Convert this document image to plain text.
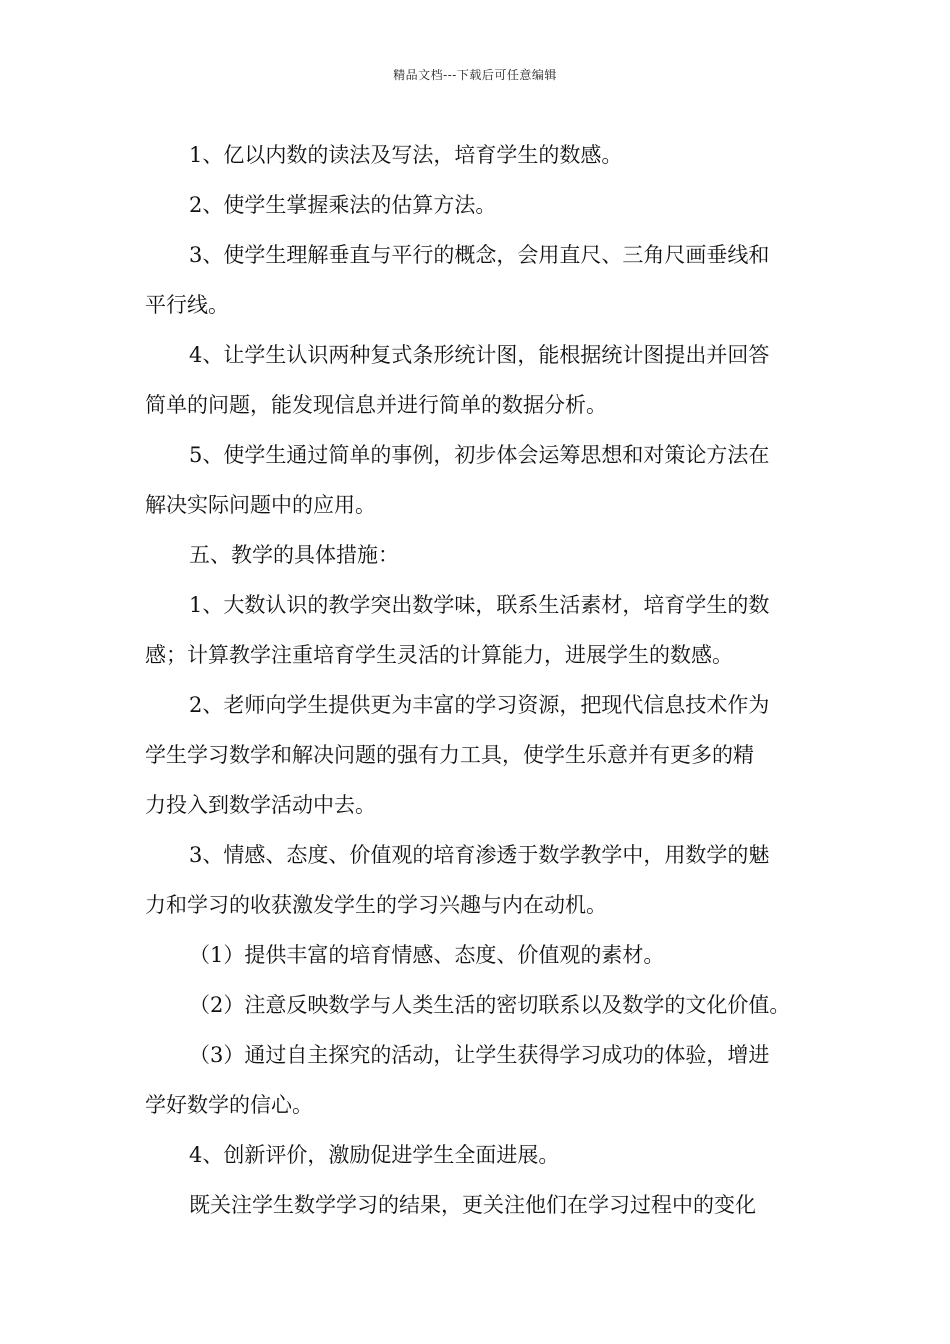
精品文档---下载后可任意编辑

1、亿以内数的读法及写法，培育学生的数感。

2、使学生掌握乘法的估算方法。

3、使学生理解垂直与平行的概念，会用直尺、三角尺画垂线和
平行线。

4、让学生认识两种复式条形统计图，能根据统计图提出并回答
简单的问题，能发现信息并进行简单的数据分析。

5、使学生通过简单的事例，初步体会运筹思想和对策论方法在
解决实际问题中的应用。

五、教学的具体措施：

1、大数认识的教学突出数学味，联系生活素材，培育学生的数
感；计算教学注重培育学生灵活的计算能力，进展学生的数感。

2、老师向学生提供更为丰富的学习资源，把现代信息技术作为
学生学习数学和解决问题的强有力工具，使学生乐意并有更多的精
力投入到数学活动中去。

3、情感、态度、价值观的培育渗透于数学教学中，用数学的魅
力和学习的收获激发学生的学习兴趣与内在动机。

（1）提供丰富的培育情感、态度、价值观的素材。

（2）注意反映数学与人类生活的密切联系以及数学的文化价值。

（3）通过自主探究的活动，让学生获得学习成功的体验，增进
学好数学的信心。

4、创新评价，激励促进学生全面进展。

既关注学生数学学习的结果，更关注他们在学习过程中的变化
